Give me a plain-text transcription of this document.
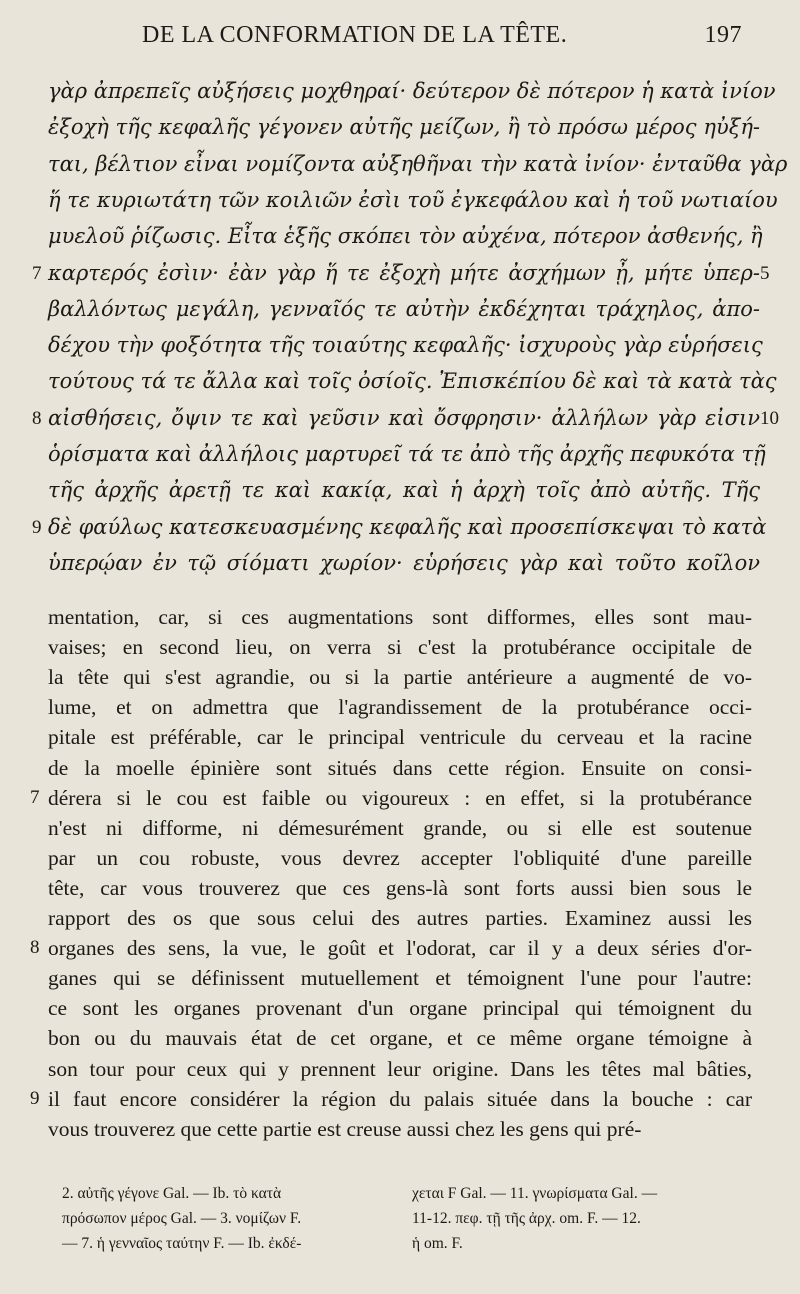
DE LA CONFORMATION DE LA TÊTE.	197
γὰρ ἀπρεπεῖς αὐξήσεις μοχθηραί· δεύτερον δὲ πότερον ἡ κατὰ ἰνίον
ἐξοχὴ τῆς κεφαλῆς γέγονεν αὐτῆς μείζων, ἢ τὸ πρόσω μέρος ηὐξή-
ται, βέλτιον εἶναι νομίζοντα αὐξηθῆναι τὴν κατὰ ἰνίον· ἐνταῦθα γὰρ
ἥ τε κυριωτάτη τῶν κοιλιῶν ἐσὶι τοῦ ἐγκεφάλου καὶ ἡ τοῦ νωτιαίου
μυελοῦ ῥίζωσις. Εἶτα ἑξῆς σκόπει τὸν αὐχένα, πότερον ἀσθενής, ἢ
καρτερός ἐσὶιν· ἐὰν γὰρ ἥ τε ἐξοχὴ μήτε ἀσχήμων ᾖ, μήτε ὑπερ-
βαλλόντως μεγάλη, γενναῖός τε αὐτὴν ἐκδέχηται τράχηλος, ἀπο-
δέχου τὴν φοξότητα τῆς τοιαύτης κεφαλῆς· ἰσχυροὺς γὰρ εὑρήσεις
τούτους τά τε ἄλλα καὶ τοῖς ὀσίοῖς. Ἐπισκέπίου δὲ καὶ τὰ κατὰ τὰς
αἰσθήσεις, ὄψιν τε καὶ γεῦσιν καὶ ὄσφρησιν· ἀλλήλων γὰρ εἰσιν
ὁρίσματα καὶ ἀλλήλοις μαρτυρεῖ τά τε ἀπὸ τῆς ἀρχῆς πεφυκότα τῇ
τῆς ἀρχῆς ἀρετῇ τε καὶ κακίᾳ, καὶ ἡ ἀρχὴ τοῖς ἀπὸ αὐτῆς. Τῆς
δὲ φαύλως κατεσκευασμένης κεφαλῆς καὶ προσεπίσκεψαι τὸ κατὰ
ὑπερῴαν ἐν τῷ σίόματι χωρίον· εὑρήσεις γὰρ καὶ τοῦτο κοῖλον
7	5
8	10
9
mentation, car, si ces augmentations sont difformes, elles sont mau-
vaises; en second lieu, on verra si c'est la protubérance occipitale de
la tête qui s'est agrandie, ou si la partie antérieure a augmenté de vo-
lume, et on admettra que l'agrandissement de la protubérance occi-
pitale est préférable, car le principal ventricule du cerveau et la racine
de la moelle épinière sont situés dans cette région. Ensuite on consi-
dérera si le cou est faible ou vigoureux : en effet, si la protubérance
n'est ni difforme, ni démesurément grande, ou si elle est soutenue
par un cou robuste, vous devrez accepter l'obliquité d'une pareille
tête, car vous trouverez que ces gens-là sont forts aussi bien sous le
rapport des os que sous celui des autres parties. Examinez aussi les
organes des sens, la vue, le goût et l'odorat, car il y a deux séries d'or-
ganes qui se définissent mutuellement et témoignent l'une pour l'autre:
ce sont les organes provenant d'un organe principal qui témoignent du
bon ou du mauvais état de cet organe, et ce même organe témoigne à
son tour pour ceux qui y prennent leur origine. Dans les têtes mal bâties,
il faut encore considérer la région du palais située dans la bouche : car
vous trouverez que cette partie est creuse aussi chez les gens qui pré-
7
8
9
2. αὐτῆς γέγονε Gal. — Ib. τὸ κατὰ
πρόσωπον μέρος Gal. — 3. νομίζων F.
— 7. ἡ γενναῖος ταύτην F. — Ib. ἐκδέ-
χεται F Gal. — 11. γνωρίσματα Gal. —
11-12. πεφ. τῇ τῆς ἀρχ. om. F. — 12.
ἡ om. F.
